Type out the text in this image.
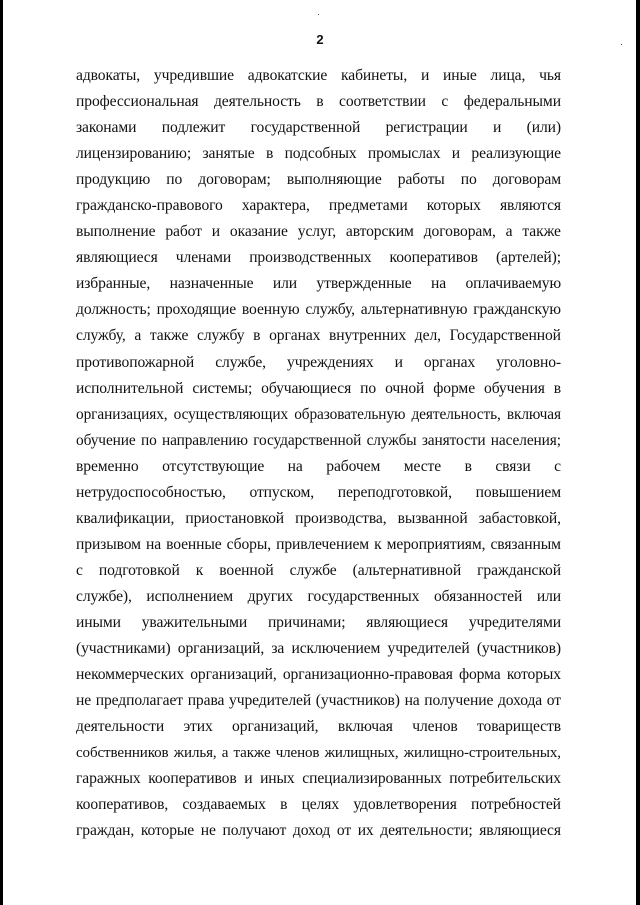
2
адвокаты, учредившие адвокатские кабинеты, и иные лица, чья
профессиональная деятельность в соответствии с федеральными
законами подлежит государственной регистрации и (или)
лицензированию; занятые в подсобных промыслах и реализующие
продукцию по договорам; выполняющие работы по договорам
гражданско-правового характера, предметами которых являются
выполнение работ и оказание услуг, авторским договорам, а также
являющиеся членами производственных кооперативов (артелей);
избранные, назначенные или утвержденные на оплачиваемую
должность; проходящие военную службу, альтернативную гражданскую
службу, а также службу в органах внутренних дел, Государственной
противопожарной службе, учреждениях и органах уголовно-
исполнительной системы; обучающиеся по очной форме обучения в
организациях, осуществляющих образовательную деятельность, включая
обучение по направлению государственной службы занятости населения;
временно отсутствующие на рабочем месте в связи с
нетрудоспособностью, отпуском, переподготовкой, повышением
квалификации, приостановкой производства, вызванной забастовкой,
призывом на военные сборы, привлечением к мероприятиям, связанным
с подготовкой к военной службе (альтернативной гражданской
службе), исполнением других государственных обязанностей или
иными уважительными причинами; являющиеся учредителями
(участниками) организаций, за исключением учредителей (участников)
некоммерческих организаций, организационно-правовая форма которых
не предполагает права учредителей (участников) на получение дохода от
деятельности этих организаций, включая членов товариществ
собственников жилья, а также членов жилищных, жилищно-строительных,
гаражных кооперативов и иных специализированных потребительских
кооперативов, создаваемых в целях удовлетворения потребностей
граждан, которые не получают доход от их деятельности; являющиеся
